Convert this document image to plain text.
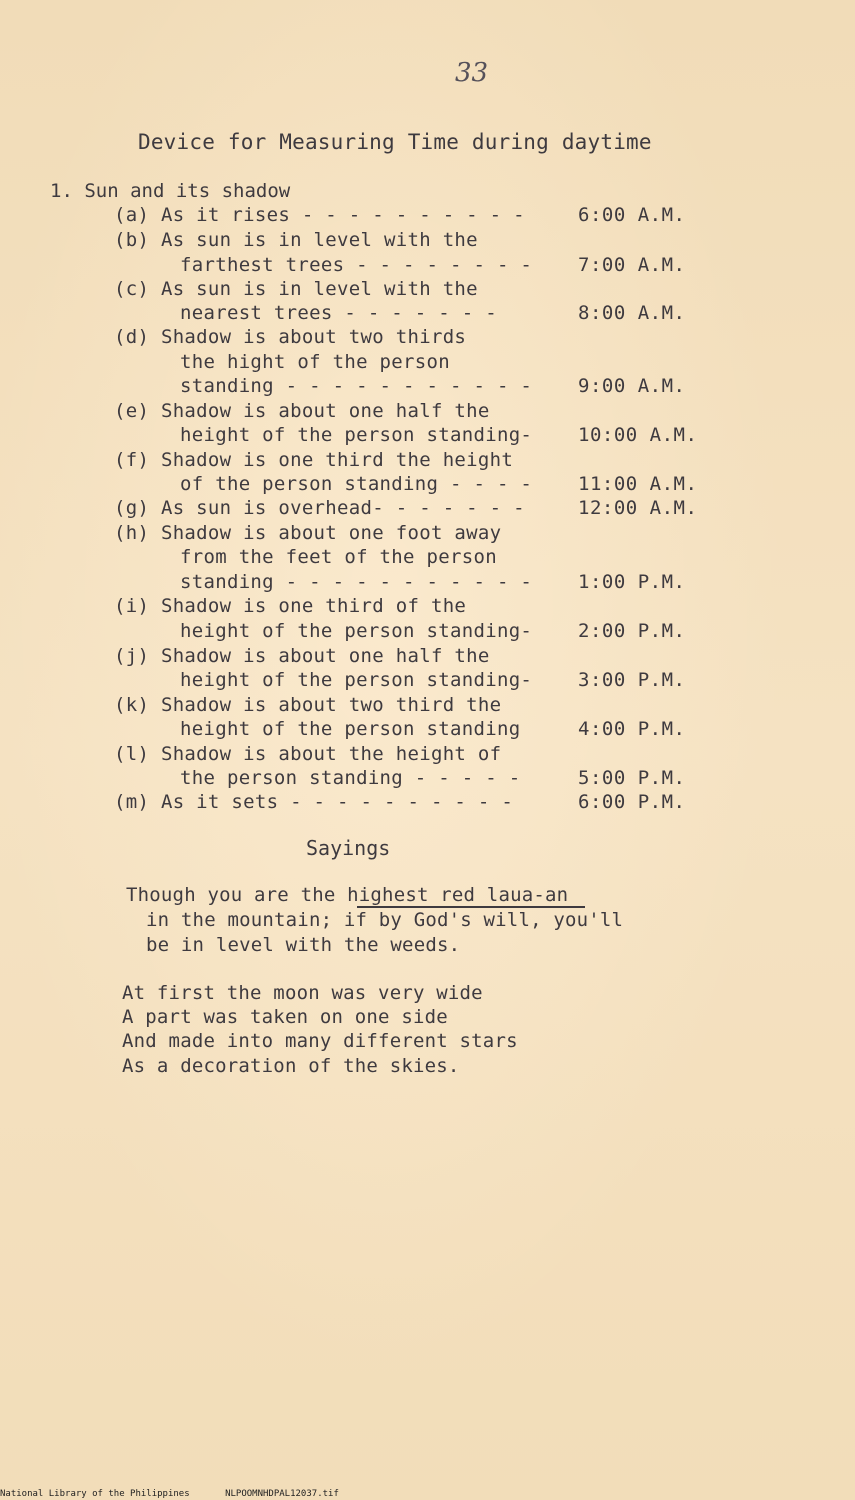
33
Device for Measuring Time during daytime
1. Sun and its shadow
(a) As it rises - - - - - - - - - -	6:00 A.M.
(b) As sun is in level with the
farthest trees - - - - - - - - 7:00 A.M.
(c) As sun is in level with the
nearest trees - - - - - - -	8:00 A.M.
(d) Shadow is about two thirds
the hight of the person
standing - - - - - - - - - - - 9:00 A.M.
(e) Shadow is about one half the
height of the person standing- 10:00 A.M.
(f) Shadow is one third the height
of the person standing - - - - 11:00 A.M.
(g) As sun is overhead- - - - - - -	12:00 A.M.
(h) Shadow is about one foot away
from the feet of the person
standing - - - - - - - - - - - 1:00 P.M.
(i) Shadow is one third of the
height of the person standing- 2:00 P.M.
(j) Shadow is about one half the
height of the person standing- 3:00 P.M.
(k) Shadow is about two third the
height of the person standing	4:00 P.M.
(l) Shadow is about the height of
the person standing - - - - -	5:00 P.M.
(m) As it sets - - - - - - - - - -	6:00 P.M.
Sayings
Though you are the highest red laua-an
in the mountain; if by God's will, you'll
be in level with the weeds.
At first the moon was very wide
A part was taken on one side
And made into many different stars
As a decoration of the skies.
National Library of the Philippines	NLPOOMNHDPAL12037.tif
